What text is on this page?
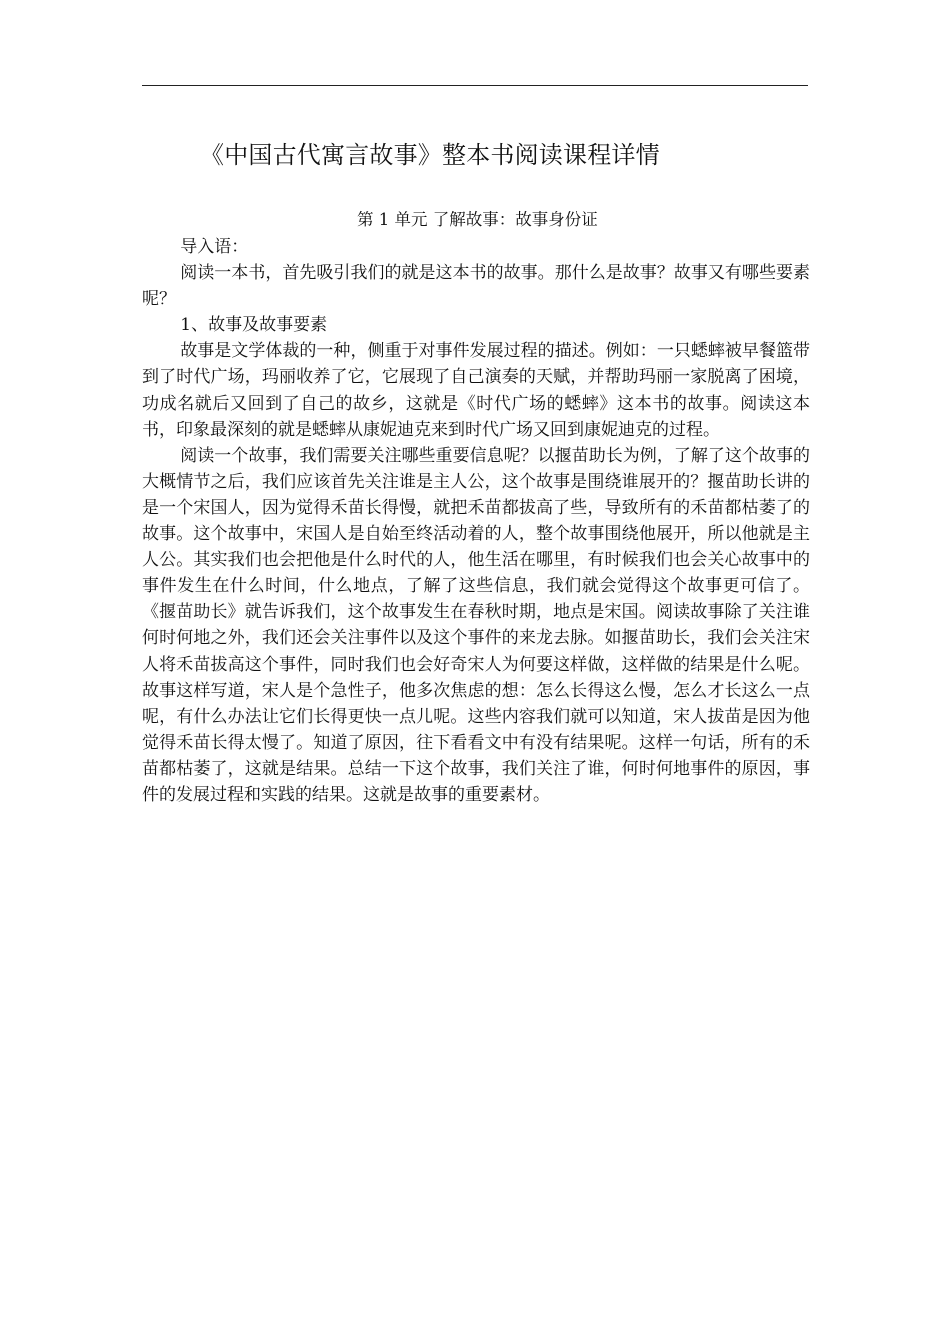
《中国古代寓言故事》整本书阅读课程详情
第 1 单元 了解故事：故事身份证

导入语：

阅读一本书，首先吸引我们的就是这本书的故事。那什么是故事？故事又有哪些要素呢？

1、故事及故事要素

故事是文学体裁的一种，侧重于对事件发展过程的描述。例如：一只蟋蟀被早餐篮带到了时代广场，玛丽收养了它，它展现了自己演奏的天赋，并帮助玛丽一家脱离了困境，功成名就后又回到了自己的故乡，这就是《时代广场的蟋蟀》这本书的故事。阅读这本书，印象最深刻的就是蟋蟀从康妮迪克来到时代广场又回到康妮迪克的过程。

阅读一个故事，我们需要关注哪些重要信息呢？以揠苗助长为例，了解了这个故事的大概情节之后，我们应该首先关注谁是主人公，这个故事是围绕谁展开的？揠苗助长讲的是一个宋国人，因为觉得禾苗长得慢，就把禾苗都拔高了些，导致所有的禾苗都枯萎了的故事。这个故事中，宋国人是自始至终活动着的人，整个故事围绕他展开，所以他就是主人公。其实我们也会把他是什么时代的人，他生活在哪里，有时候我们也会关心故事中的事件发生在什么时间，什么地点，了解了这些信息，我们就会觉得这个故事更可信了。《揠苗助长》就告诉我们，这个故事发生在春秋时期，地点是宋国。阅读故事除了关注谁何时何地之外，我们还会关注事件以及这个事件的来龙去脉。如揠苗助长，我们会关注宋人将禾苗拔高这个事件，同时我们也会好奇宋人为何要这样做，这样做的结果是什么呢。故事这样写道，宋人是个急性子，他多次焦虑的想：怎么长得这么慢，怎么才长这么一点呢，有什么办法让它们长得更快一点儿呢。这些内容我们就可以知道，宋人拔苗是因为他觉得禾苗长得太慢了。知道了原因，往下看看文中有没有结果呢。这样一句话，所有的禾苗都枯萎了，这就是结果。总结一下这个故事，我们关注了谁，何时何地事件的原因，事件的发展过程和实践的结果。这就是故事的重要素材。
